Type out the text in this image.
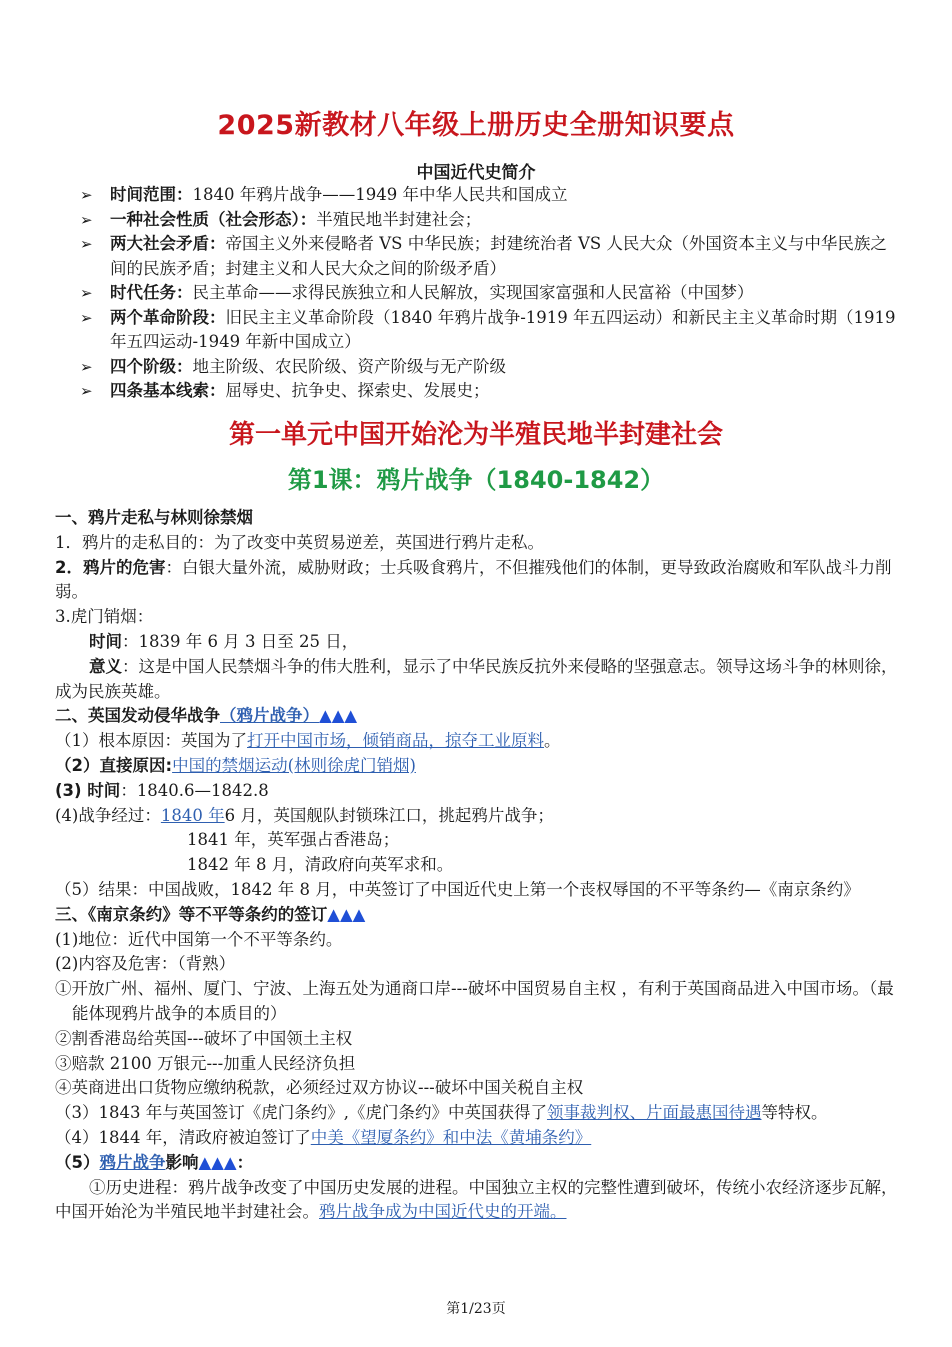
2025新教材八年级上册历史全册知识要点
中国近代史简介
➢ 时间范围：1840 年鸦片战争——1949 年中华人民共和国成立
➢ 一种社会性质（社会形态）：半殖民地半封建社会；
➢ 两大社会矛盾：帝国主义外来侵略者 VS 中华民族；封建统治者 VS 人民大众（外国资本主义与中华民族之间的民族矛盾；封建主义和人民大众之间的阶级矛盾）
➢ 时代任务：民主革命——求得民族独立和人民解放，实现国家富强和人民富裕（中国梦）
➢ 两个革命阶段：旧民主主义革命阶段（1840 年鸦片战争-1919 年五四运动）和新民主主义革命时期（1919 年五四运动-1949 年新中国成立）
➢ 四个阶级：地主阶级、农民阶级、资产阶级与无产阶级
➢ 四条基本线索：屈辱史、抗争史、探索史、发展史；
第一单元中国开始沦为半殖民地半封建社会
第1课：鸦片战争（1840-1842）
一、鸦片走私与林则徐禁烟
1．鸦片的走私目的：为了改变中英贸易逆差，英国进行鸦片走私。
2．鸦片的危害：白银大量外流，威胁财政；士兵吸食鸦片，不但摧残他们的体制，更导致政治腐败和军队战斗力削弱。
3.虎门销烟：
时间：1839 年 6 月 3 日至 25 日，
意义：这是中国人民禁烟斗争的伟大胜利，显示了中华民族反抗外来侵略的坚强意志。领导这场斗争的林则徐，成为民族英雄。
二、英国发动侵华战争（鸦片战争）▲▲▲
（1）根本原因：英国为了打开中国市场，倾销商品，掠夺工业原料。
（2）直接原因:中国的禁烟运动(林则徐虎门销烟)
(3) 时间：1840.6—1842.8
(4)战争经过：1840 年6 月，英国舰队封锁珠江口，挑起鸦片战争；
1841 年，英军强占香港岛；
1842 年 8 月，清政府向英军求和。
（5）结果：中国战败，1842 年 8 月，中英签订了中国近代史上第一个丧权辱国的不平等条约—《南京条约》
三、《南京条约》等不平等条约的签订▲▲▲
(1)地位：近代中国第一个不平等条约。
(2)内容及危害：（背熟）
①开放广州、福州、厦门、宁波、上海五处为通商口岸---破坏中国贸易自主权 ，有利于英国商品进入中国市场。（最能体现鸦片战争的本质目的）
②割香港岛给英国---破坏了中国领土主权
③赔款 2100 万银元---加重人民经济负担
④英商进出口货物应缴纳税款，必须经过双方协议---破坏中国关税自主权
（3）1843 年与英国签订《虎门条约》,《虎门条约》中英国获得了领事裁判权、片面最惠国待遇等特权。
（4）1844 年，清政府被迫签订了中美《望厦条约》和中法《黄埔条约》
（5）鸦片战争影响▲▲▲：
①历史进程：鸦片战争改变了中国历史发展的进程。中国独立主权的完整性遭到破坏，传统小农经济逐步瓦解，中国开始沦为半殖民地半封建社会。鸦片战争成为中国近代史的开端。
第1/23页
